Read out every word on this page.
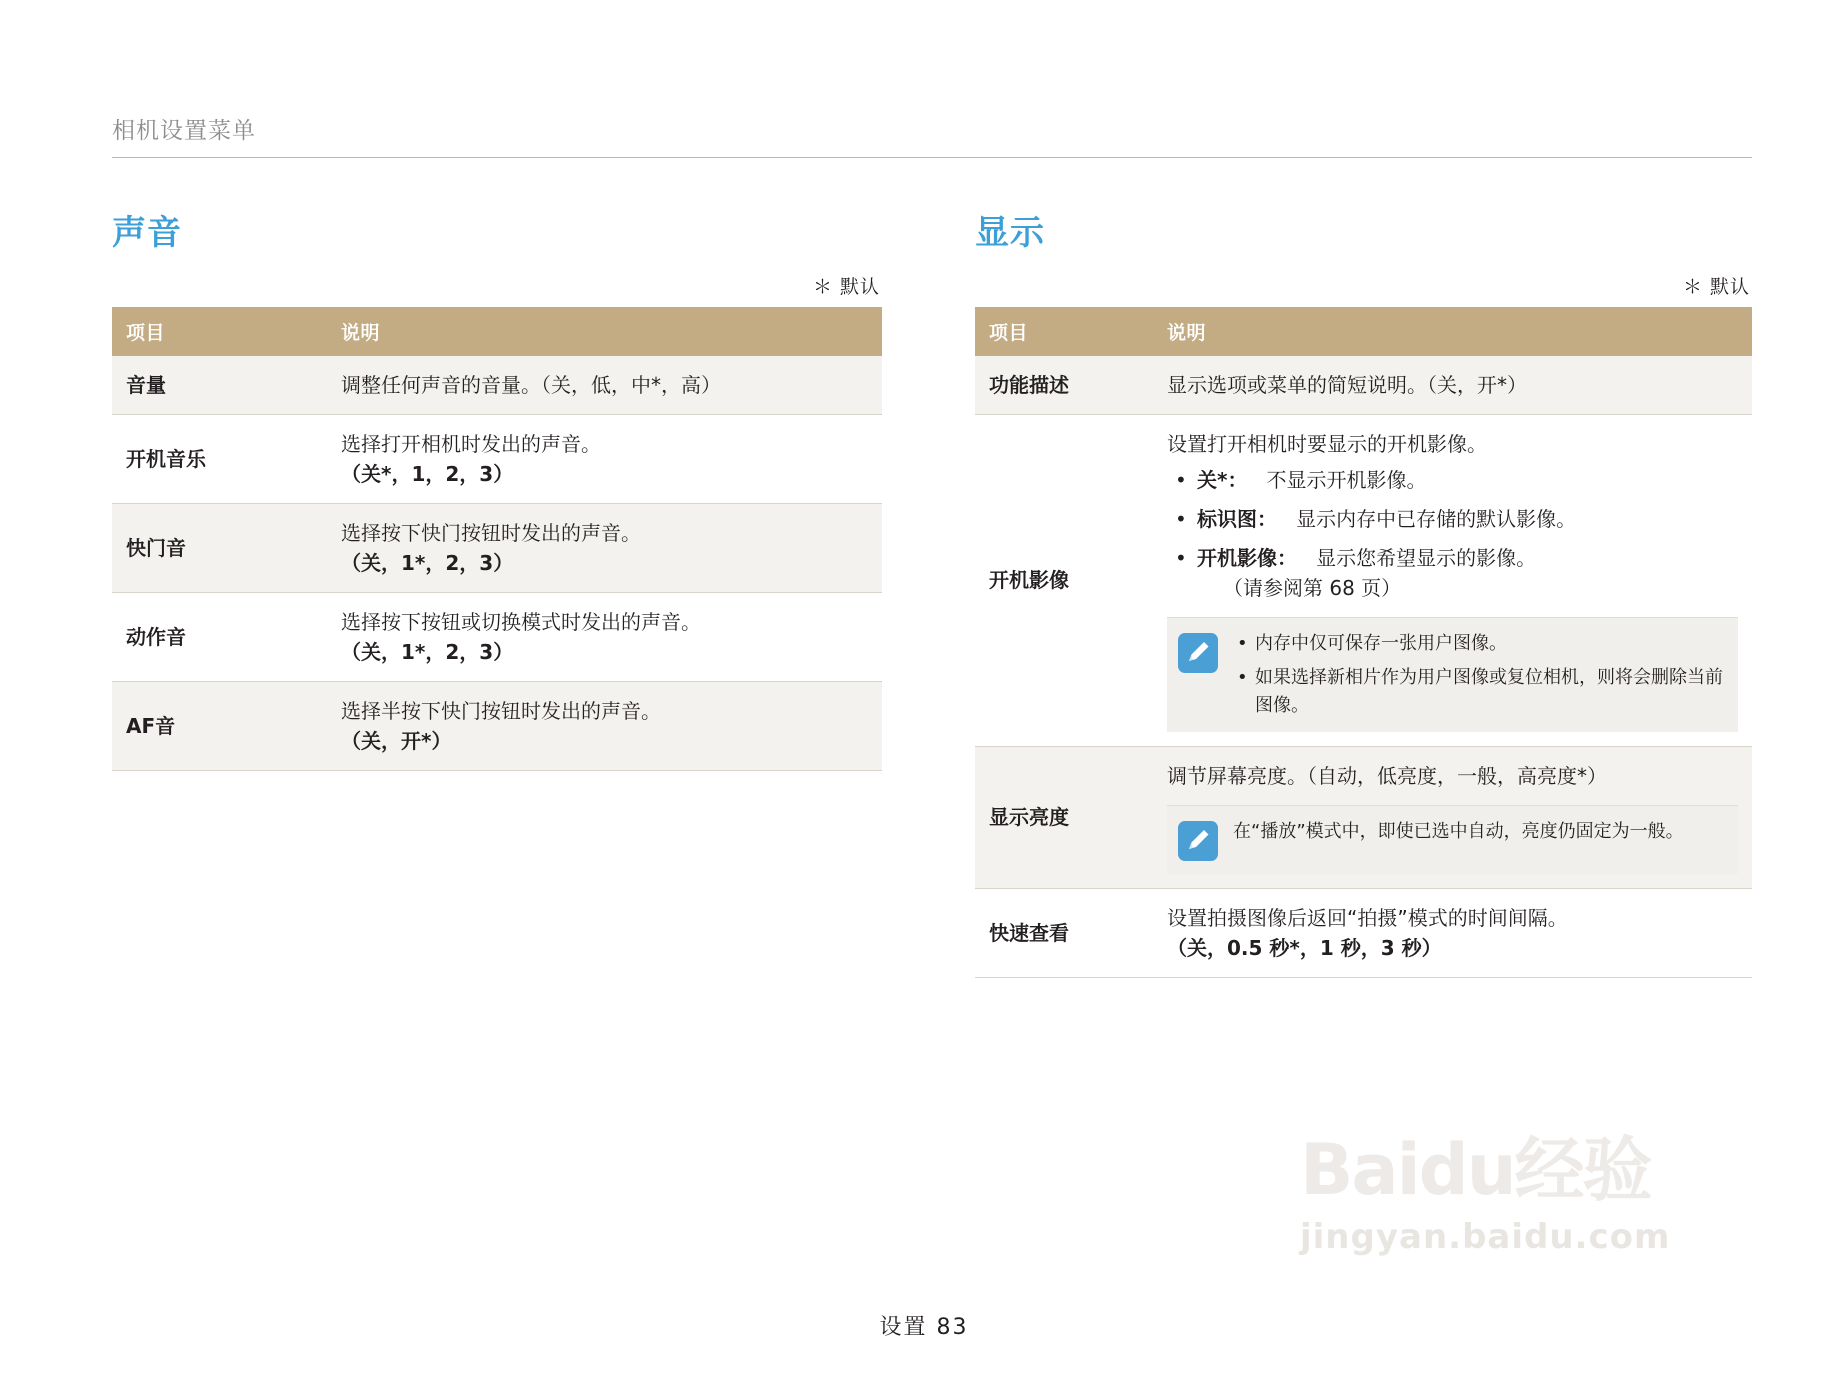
相机设置菜单
声音
＊ 默认
项目	说明
音量	调整任何声音的音量。（关，低，中*，高）

开机音乐	选择打开相机时发出的声音。
（关*，1，2，3）

快门音	选择按下快门按钮时发出的声音。
（关，1*，2，3）

动作音	选择按下按钮或切换模式时发出的声音。
（关，1*，2，3）

AF音	选择半按下快门按钮时发出的声音。
（关，开*）
显示
＊ 默认
项目	说明
功能描述	显示选项或菜单的简短说明。（关，开*）

开机影像	
设置打开相机时要显示的开机影像。
• 关*： 不显示开机影像。
• 标识图： 显示内存中已存储的默认影像。
• 开机影像： 显示您希望显示的影像。
（请参阅第 68 页）
• 内存中仅可保存一张用户图像。
• 如果选择新相片作为用户图像或复位相机，则将会删除当前图像。

显示亮度	调节屏幕亮度。（自动，低亮度，一般，高亮度*）
在“播放”模式中，即使已选中自动，亮度仍固定为一般。

快速查看	设置拍摄图像后返回“拍摄”模式的时间间隔。
（关，0.5 秒*，1 秒，3 秒）
Baidu经验
jingyan.baidu.com
设置 83
